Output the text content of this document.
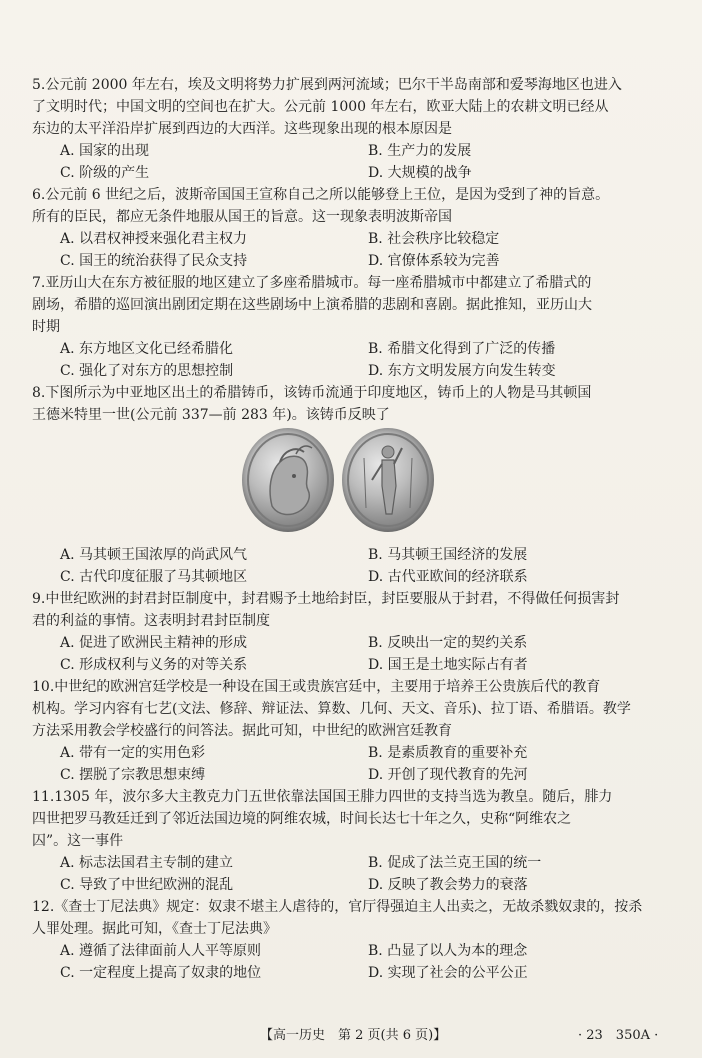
5.公元前 2000 年左右，埃及文明将势力扩展到两河流域；巴尔干半岛南部和爱琴海地区也进入

了文明时代；中国文明的空间也在扩大。公元前 1000 年左右，欧亚大陆上的农耕文明已经从

东边的太平洋沿岸扩展到西边的大西洋。这些现象出现的根本原因是

A. 国家的出现	B. 生产力的发展

C. 阶级的产生	D. 大规模的战争

6.公元前 6 世纪之后，波斯帝国国王宣称自己之所以能够登上王位，是因为受到了神的旨意。

所有的臣民，都应无条件地服从国王的旨意。这一现象表明波斯帝国

A. 以君权神授来强化君主权力	B. 社会秩序比较稳定

C. 国王的统治获得了民众支持	D. 官僚体系较为完善

7.亚历山大在东方被征服的地区建立了多座希腊城市。每一座希腊城市中都建立了希腊式的

剧场，希腊的巡回演出剧团定期在这些剧场中上演希腊的悲剧和喜剧。据此推知，亚历山大

时期

A. 东方地区文化已经希腊化	B. 希腊文化得到了广泛的传播

C. 强化了对东方的思想控制	D. 东方文明发展方向发生转变

8.下图所示为中亚地区出土的希腊铸币，该铸币流通于印度地区，铸币上的人物是马其顿国

王德米特里一世(公元前 337—前 283 年)。该铸币反映了

A. 马其顿王国浓厚的尚武风气	B. 马其顿王国经济的发展

C. 古代印度征服了马其顿地区	D. 古代亚欧间的经济联系

9.中世纪欧洲的封君封臣制度中，封君赐予土地给封臣，封臣要服从于封君，不得做任何损害封

君的利益的事情。这表明封君封臣制度

A. 促进了欧洲民主精神的形成	B. 反映出一定的契约关系

C. 形成权利与义务的对等关系	D. 国王是土地实际占有者

10.中世纪的欧洲宫廷学校是一种设在国王或贵族宫廷中，主要用于培养王公贵族后代的教育

机构。学习内容有七艺(文法、修辞、辩证法、算数、几何、天文、音乐)、拉丁语、希腊语。教学

方法采用教会学校盛行的问答法。据此可知，中世纪的欧洲宫廷教育

A. 带有一定的实用色彩	B. 是素质教育的重要补充

C. 摆脱了宗教思想束缚	D. 开创了现代教育的先河

11.1305 年，波尔多大主教克力门五世依靠法国国王腓力四世的支持当选为教皇。随后，腓力

四世把罗马教廷迁到了邻近法国边境的阿维农城，时间长达七十年之久，史称“阿维农之

囚”。这一事件

A. 标志法国君主专制的建立	B. 促成了法兰克王国的统一

C. 导致了中世纪欧洲的混乱	D. 反映了教会势力的衰落

12.《查士丁尼法典》规定：奴隶不堪主人虐待的，官厅得强迫主人出卖之，无故杀戮奴隶的，按杀

人罪处理。据此可知，《查士丁尼法典》

A. 遵循了法律面前人人平等原则	B. 凸显了以人为本的理念

C. 一定程度上提高了奴隶的地位	D. 实现了社会的公平公正

【高一历史　第 2 页(共 6 页)】	· 23　350A ·
